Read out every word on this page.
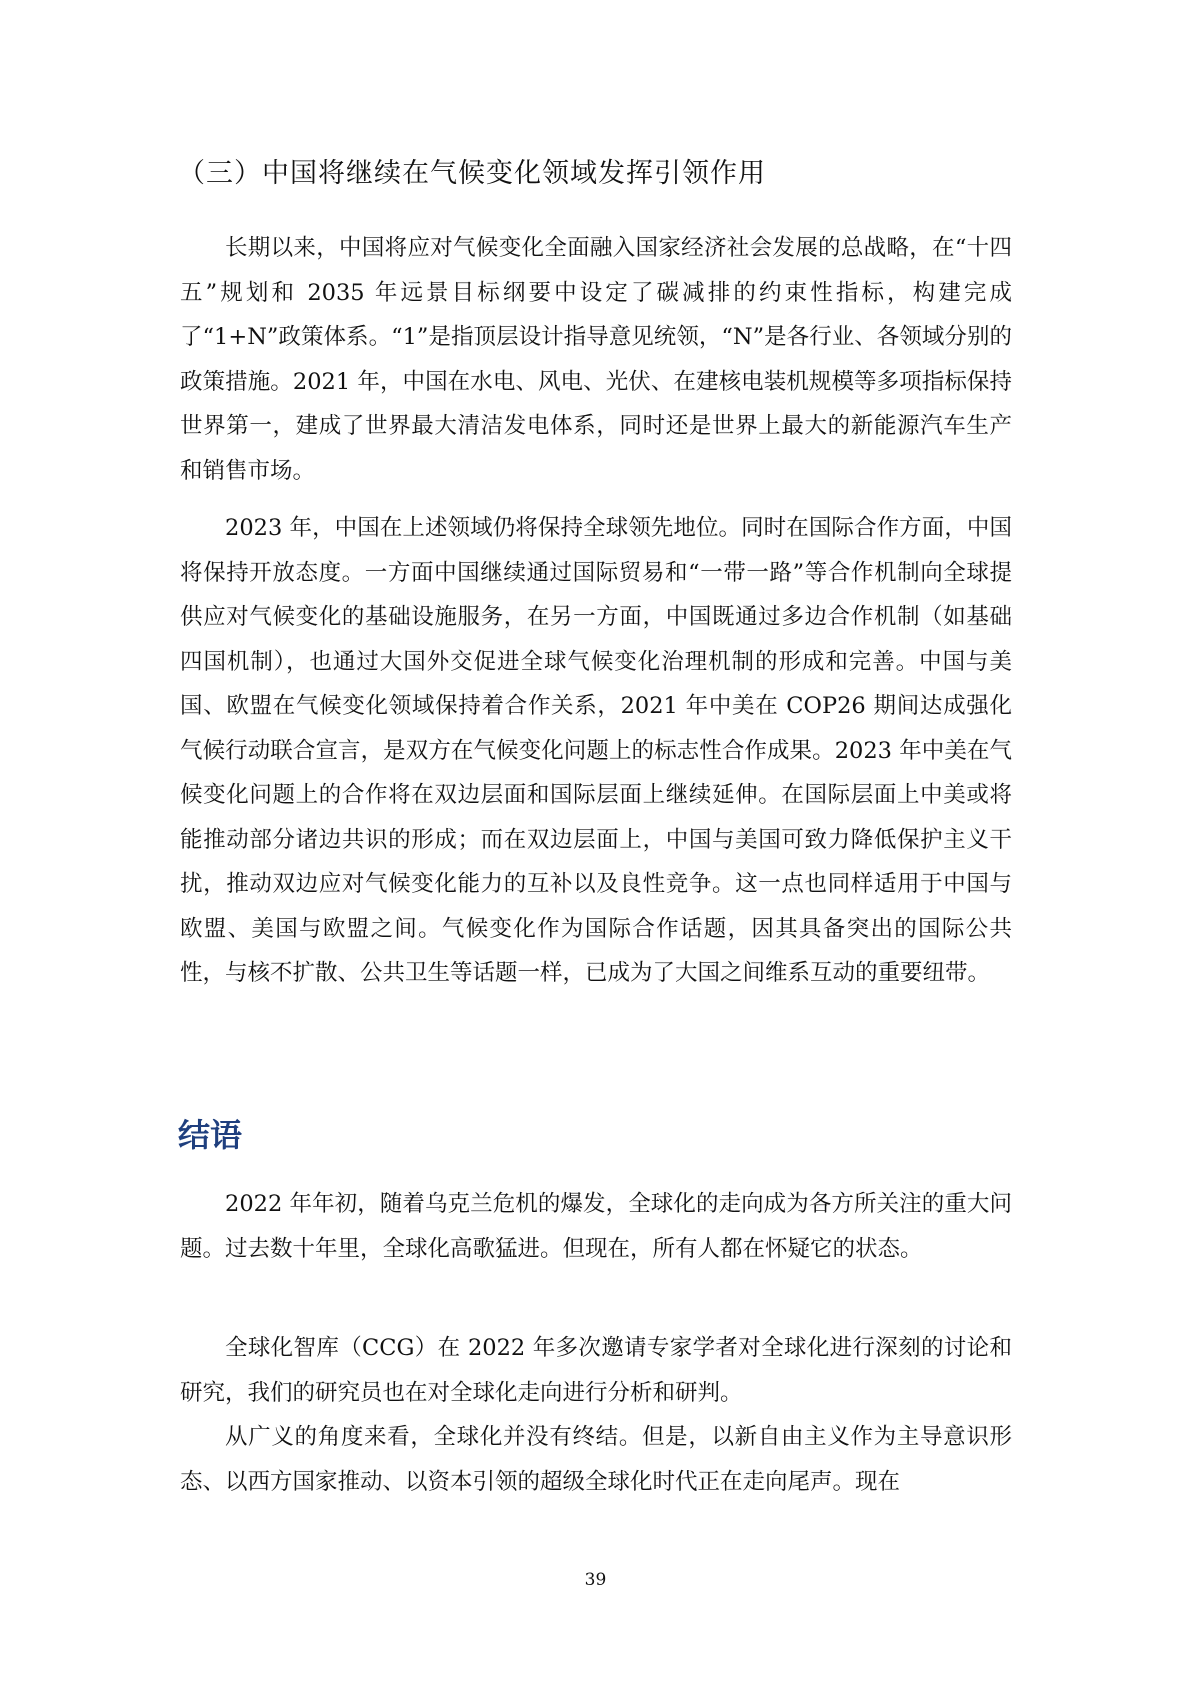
（三）中国将继续在气候变化领域发挥引领作用

长期以来，中国将应对气候变化全面融入国家经济社会发展的总战略，在“十四五”规划和 2035 年远景目标纲要中设定了碳减排的约束性指标，构建完成了“1+N”政策体系。“1”是指顶层设计指导意见统领，“N”是各行业、各领域分别的政策措施。2021 年，中国在水电、风电、光伏、在建核电装机规模等多项指标保持世界第一，建成了世界最大清洁发电体系，同时还是世界上最大的新能源汽车生产和销售市场。

2023 年，中国在上述领域仍将保持全球领先地位。同时在国际合作方面，中国将保持开放态度。一方面中国继续通过国际贸易和“一带一路”等合作机制向全球提供应对气候变化的基础设施服务，在另一方面，中国既通过多边合作机制（如基础四国机制），也通过大国外交促进全球气候变化治理机制的形成和完善。中国与美国、欧盟在气候变化领域保持着合作关系，2021 年中美在 COP26 期间达成强化气候行动联合宣言，是双方在气候变化问题上的标志性合作成果。2023 年中美在气候变化问题上的合作将在双边层面和国际层面上继续延伸。在国际层面上中美或将能推动部分诸边共识的形成；而在双边层面上，中国与美国可致力降低保护主义干扰，推动双边应对气候变化能力的互补以及良性竞争。这一点也同样适用于中国与欧盟、美国与欧盟之间。气候变化作为国际合作话题，因其具备突出的国际公共性，与核不扩散、公共卫生等话题一样，已成为了大国之间维系互动的重要纽带。

结语

2022 年年初，随着乌克兰危机的爆发，全球化的走向成为各方所关注的重大问题。过去数十年里，全球化高歌猛进。但现在，所有人都在怀疑它的状态。

全球化智库（CCG）在 2022 年多次邀请专家学者对全球化进行深刻的讨论和研究，我们的研究员也在对全球化走向进行分析和研判。

从广义的角度来看，全球化并没有终结。但是，以新自由主义作为主导意识形态、以西方国家推动、以资本引领的超级全球化时代正在走向尾声。现在

39
